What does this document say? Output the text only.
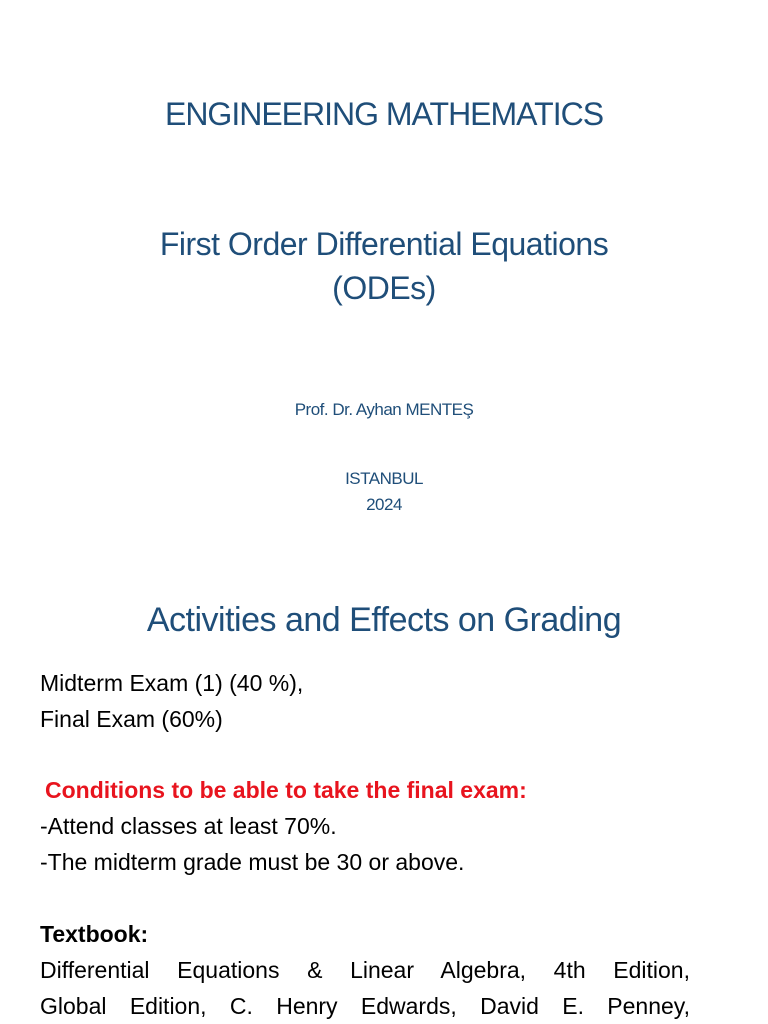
ENGINEERING MATHEMATICS
First Order Differential Equations
(ODEs)
Prof. Dr. Ayhan MENTEŞ
ISTANBUL
2024
Activities and Effects on Grading
Midterm Exam (1) (40 %),
Final Exam (60%)
Conditions to be able to take the final exam:
-Attend classes at least 70%.
-The midterm grade must be 30 or above.
Textbook:
Differential Equations & Linear Algebra, 4th Edition,
Global Edition, C. Henry Edwards, David E. Penney,
